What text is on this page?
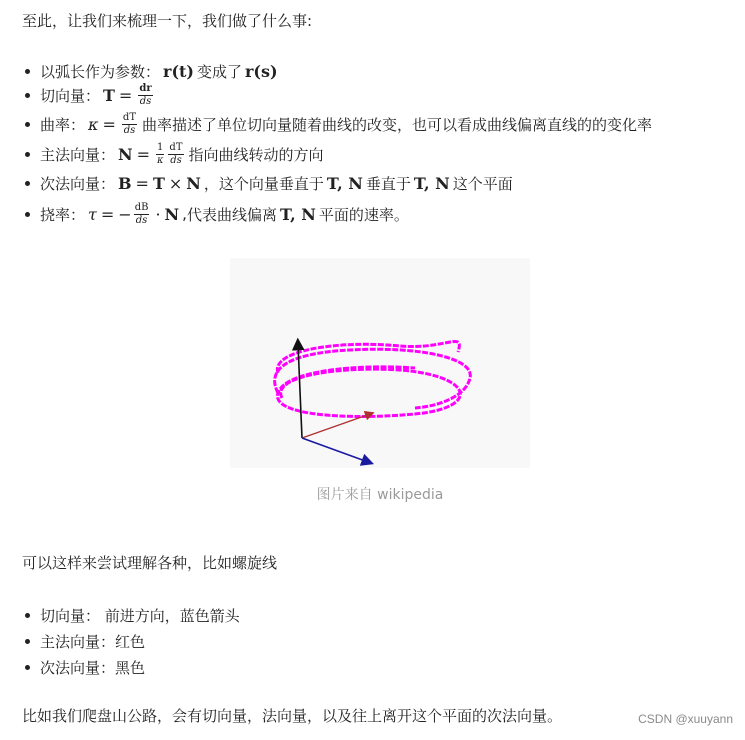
至此，让我们来梳理一下，我们做了什么事:
以弧长作为参数： r(t) 变成了 r(s)
切向量： $T = \frac{dr}{ds}$
曲率： $\kappa = \frac{dT}{ds}$ 曲率描述了单位切向量随着曲线的改变，也可以看成曲线偏离直线的的变化率
主法向量： $N = \frac{1}{\kappa} \frac{dT}{ds}$ 指向曲线转动的方向
次法向量： B = T × N ， 这个向量垂直于 T, N 垂直于 T, N 这个平面
挠率： τ = − $\frac{dB}{ds} \cdot N$ , 代表曲线偏离 T, N 平面的速率。
图片来自 wikipedia
可以这样来尝试理解各种，比如螺旋线
切向量： 前进方向，蓝色箭头
主法向量：红色
次法向量：黑色
比如我们爬盘山公路，会有切向量，法向量，以及往上离开这个平面的次法向量。	CSDN @xuuyann
